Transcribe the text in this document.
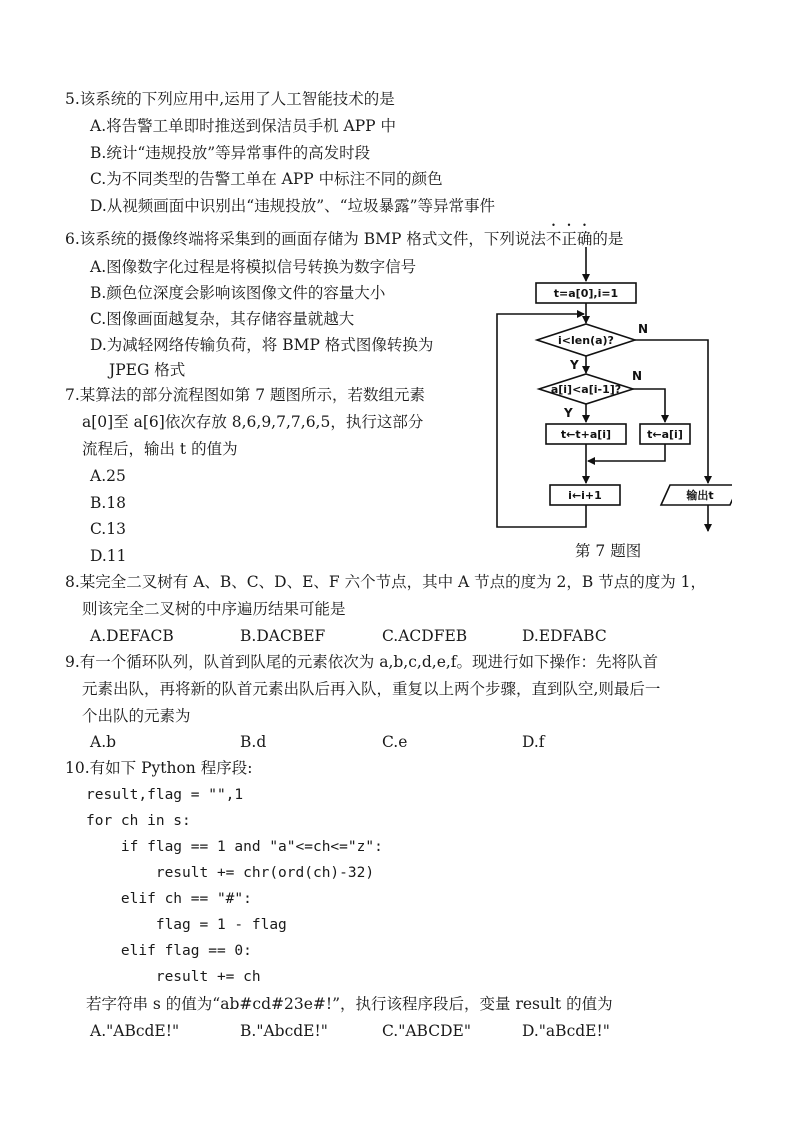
5.该系统的下列应用中,运用了人工智能技术的是
A.将告警工单即时推送到保洁员手机 APP 中
B.统计“违规投放”等异常事件的高发时段
C.为不同类型的告警工单在 APP 中标注不同的颜色
D.从视频画面中识别出“违规投放”、“垃圾暴露”等异常事件
6.该系统的摄像终端将采集到的画面存储为 BMP 格式文件，下列说法不正确的是
A.图像数字化过程是将模拟信号转换为数字信号
B.颜色位深度会影响该图像文件的容量大小
C.图像画面越复杂，其存储容量就越大
D.为减轻网络传输负荷，将 BMP 格式图像转换为
JPEG 格式
7.某算法的部分流程图如第 7 题图所示，若数组元素
a[0]至 a[6]依次存放 8,6,9,7,7,6,5，执行这部分
流程后，输出 t 的值为
A.25
B.18
C.13
D.11
t=a[0],i=1
i<len(a)?
a[i]<a[i-1]?
t←t+a[i]	t←a[i]
i←i+1	输出t
N
Y
N
Y
第 7 题图
8.某完全二叉树有 A、B、C、D、E、F 六个节点，其中 A 节点的度为 2，B 节点的度为 1，
则该完全二叉树的中序遍历结果可能是

A.DEFACB

	B.DACBEF

	C.ACDFEB

	D.EDFABC

9.有一个循环队列，队首到队尾的元素依次为 a,b,c,d,e,f。现进行如下操作：先将队首
元素出队，再将新的队首元素出队后再入队，重复以上两个步骤，直到队空,则最后一
个出队的元素为

A.b

	B.d

	C.e

	D.f

10.有如下 Python 程序段:
result,flag = "",1
for ch in s:
if flag == 1 and "a"<=ch<="z":
result += chr(ord(ch)-32)
elif ch == "#":
flag = 1 - flag
elif flag == 0:
result += ch
若字符串 s 的值为“ab#cd#23e#!”，执行该程序段后，变量 result 的值为

A."ABcdE!"

	B."AbcdE!"

	C."ABCDE"

	D."aBcdE!"
